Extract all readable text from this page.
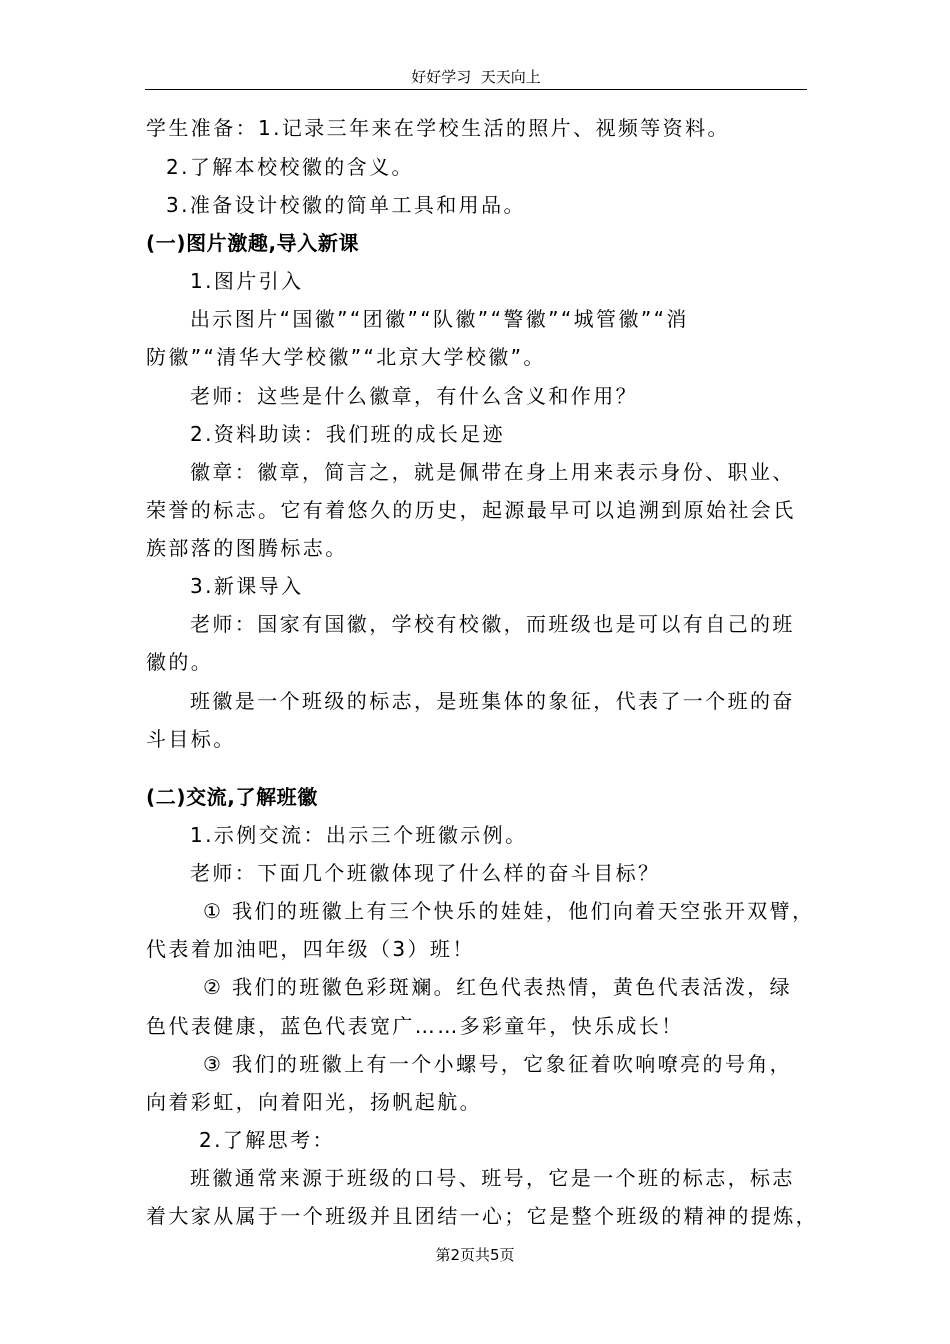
好好学习  天天向上
学生准备：1.记录三年来在学校生活的照片、视频等资料。
2.了解本校校徽的含义。
3.准备设计校徽的简单工具和用品。
(一)图片激趣,导入新课
1.图片引入
出示图片“国徽”“团徽”“队徽”“警徽”“城管徽”“消
防徽”“清华大学校徽”“北京大学校徽”。
老师：这些是什么徽章，有什么含义和作用？
2.资料助读：我们班的成长足迹
徽章：徽章，简言之，就是佩带在身上用来表示身份、职业、
荣誉的标志。它有着悠久的历史，起源最早可以追溯到原始社会氏
族部落的图腾标志。
3.新课导入
老师：国家有国徽，学校有校徽，而班级也是可以有自己的班
徽的。
班徽是一个班级的标志，是班集体的象征，代表了一个班的奋
斗目标。
(二)交流,了解班徽
1.示例交流：出示三个班徽示例。
老师：下面几个班徽体现了什么样的奋斗目标？
① 我们的班徽上有三个快乐的娃娃，他们向着天空张开双臂，
代表着加油吧，四年级（3）班！
② 我们的班徽色彩斑斓。红色代表热情，黄色代表活泼，绿
色代表健康，蓝色代表宽广……多彩童年，快乐成长！
③ 我们的班徽上有一个小螺号，它象征着吹响嘹亮的号角，
向着彩虹，向着阳光，扬帆起航。
2.了解思考：
班徽通常来源于班级的口号、班号，它是一个班的标志，标志
着大家从属于一个班级并且团结一心；它是整个班级的精神的提炼，
第2页共5页
